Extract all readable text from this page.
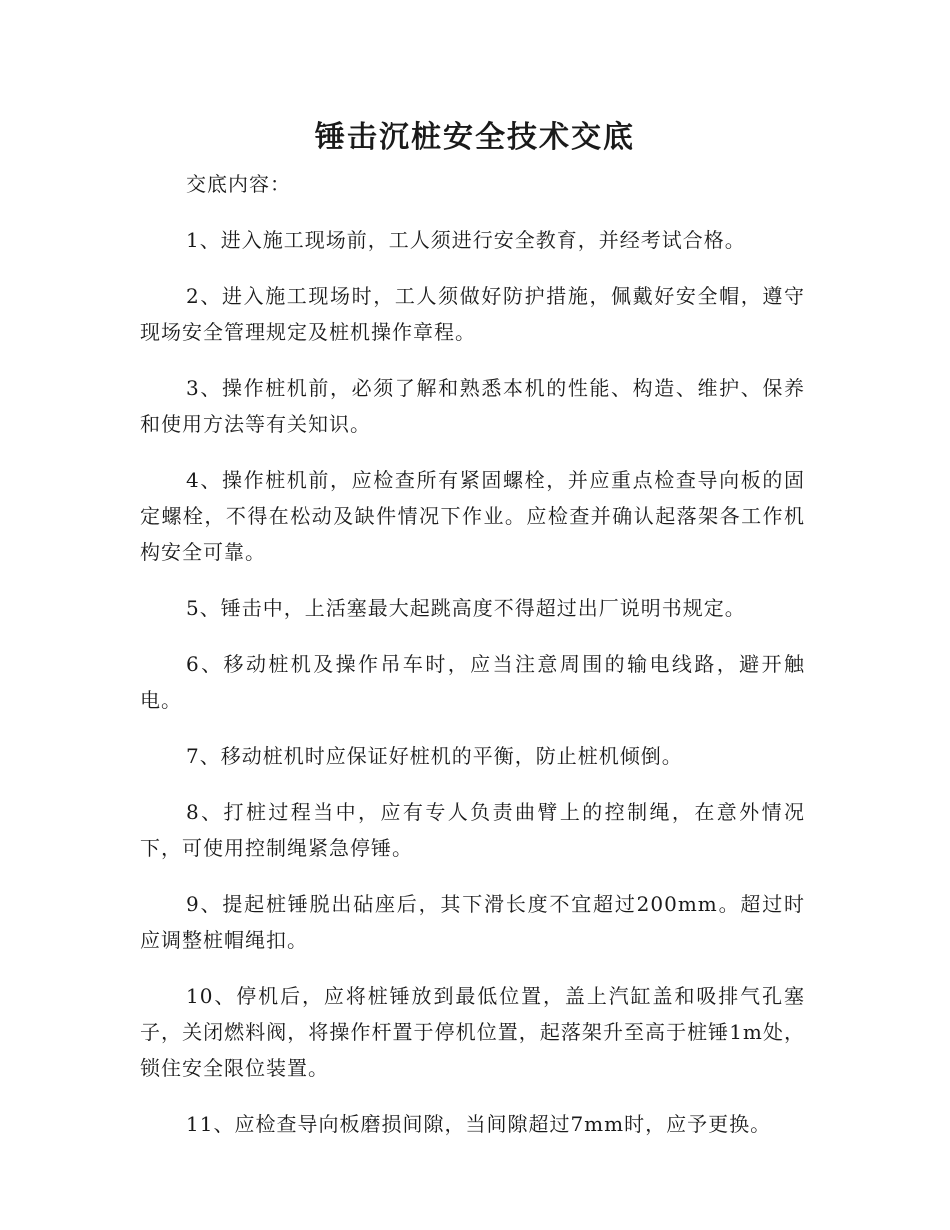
锤击沉桩安全技术交底

交底内容：

1、进入施工现场前，工人须进行安全教育，并经考试合格。

2、进入施工现场时，工人须做好防护措施，佩戴好安全帽，遵守现场安全管理规定及桩机操作章程。

3、操作桩机前，必须了解和熟悉本机的性能、构造、维护、保养和使用方法等有关知识。

4、操作桩机前，应检查所有紧固螺栓，并应重点检查导向板的固定螺栓，不得在松动及缺件情况下作业。应检查并确认起落架各工作机构安全可靠。

5、锤击中，上活塞最大起跳高度不得超过出厂说明书规定。

6、移动桩机及操作吊车时，应当注意周围的输电线路，避开触电。

7、移动桩机时应保证好桩机的平衡，防止桩机倾倒。

8、打桩过程当中，应有专人负责曲臂上的控制绳，在意外情况下，可使用控制绳紧急停锤。

9、提起桩锤脱出砧座后，其下滑长度不宜超过200mm。超过时应调整桩帽绳扣。

10、停机后，应将桩锤放到最低位置，盖上汽缸盖和吸排气孔塞子，关闭燃料阀，将操作杆置于停机位置，起落架升至高于桩锤1m处，锁住安全限位装置。

11、应检查导向板磨损间隙，当间隙超过7mm时，应予更换。
